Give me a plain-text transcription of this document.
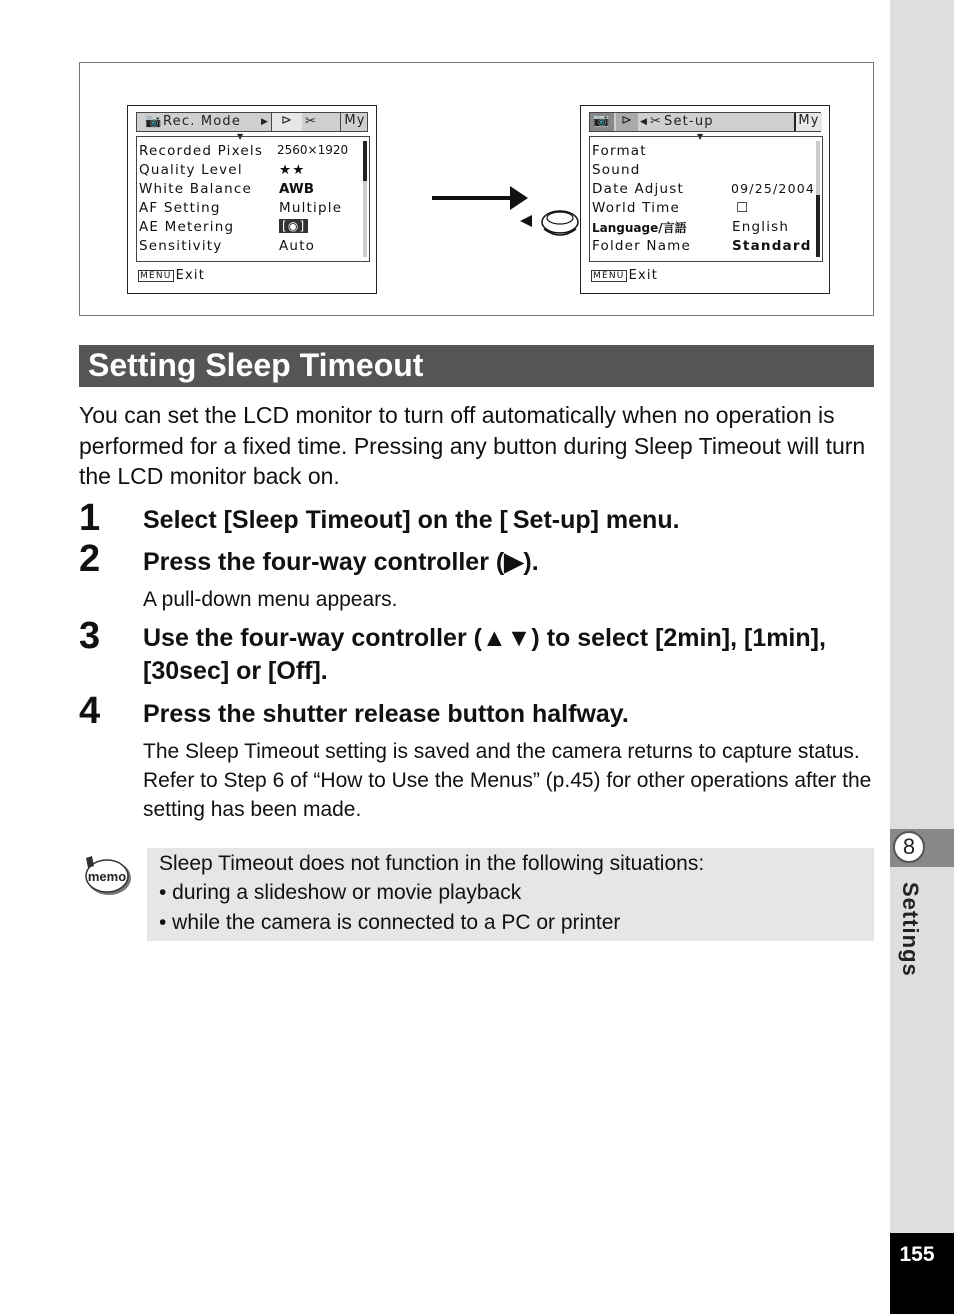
8
Settings
155
📷 Rec. Mode ▶ ⊳ ✂	My
▼
Recorded Pixels 2560×1920
Quality Level	★★
White Balance AWB
AF Setting	Multiple
AE Metering	[◉]
Sensitivity	Auto
MENU Exit
📷 ⊳ ◀ ✂ Set-up	My
▼
Format
Sound
Date Adjust	09/25/2004
World Time	☐
Language/言語	English
Folder Name	Standard
MENU Exit
Setting Sleep Timeout

You can set the LCD monitor to turn off automatically when no operation is performed for a fixed time. Pressing any button during Sleep Timeout will turn the LCD monitor back on.

1 Select [Sleep Timeout] on the [ Set-up] menu.
2 Press the four-way controller (▶).
A pull-down menu appears.
3 Use the four-way controller (▲▼) to select [2min], [1min], [30sec] or [Off].
4 Press the shutter release button halfway.
The Sleep Timeout setting is saved and the camera returns to capture status. Refer to Step 6 of “How to Use the Menus” (p.45) for other operations after the setting has been made.
memo
Sleep Timeout does not function in the following situations:
• during a slideshow or movie playback
• while the camera is connected to a PC or printer
